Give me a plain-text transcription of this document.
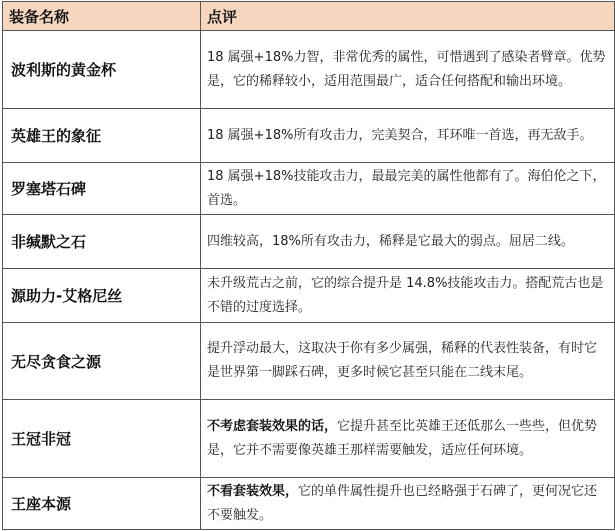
装备名称	点评
波利斯的黄金杯	18 属强+18%力智，非常优秀的属性，可惜遇到了感染者臂章。优势是，它的稀释较小，适用范围最广，适合任何搭配和输出环境。
英雄王的象征	18 属强+18%所有攻击力，完美契合，耳环唯一首选，再无敌手。
罗塞塔石碑	18 属强+18%技能攻击力，最最完美的属性他都有了。海伯伦之下，首选。
非缄默之石	四维较高，18%所有攻击力，稀释是它最大的弱点。屈居二线。
源助力-艾格尼丝	未升级荒古之前，它的综合提升是 14.8%技能攻击力。搭配荒古也是不错的过度选择。
无尽贪食之源	提升浮动最大，这取决于你有多少属强，稀释的代表性装备，有时它是世界第一脚踩石碑，更多时候它甚至只能在二线末尾。
王冠非冠	不考虑套装效果的话，它提升甚至比英雄王还低那么一些些，但优势是，它并不需要像英雄王那样需要触发，适应任何环境。
王座本源	不看套装效果，它的单件属性提升也已经略强于石碑了，更何况它还不要触发。
